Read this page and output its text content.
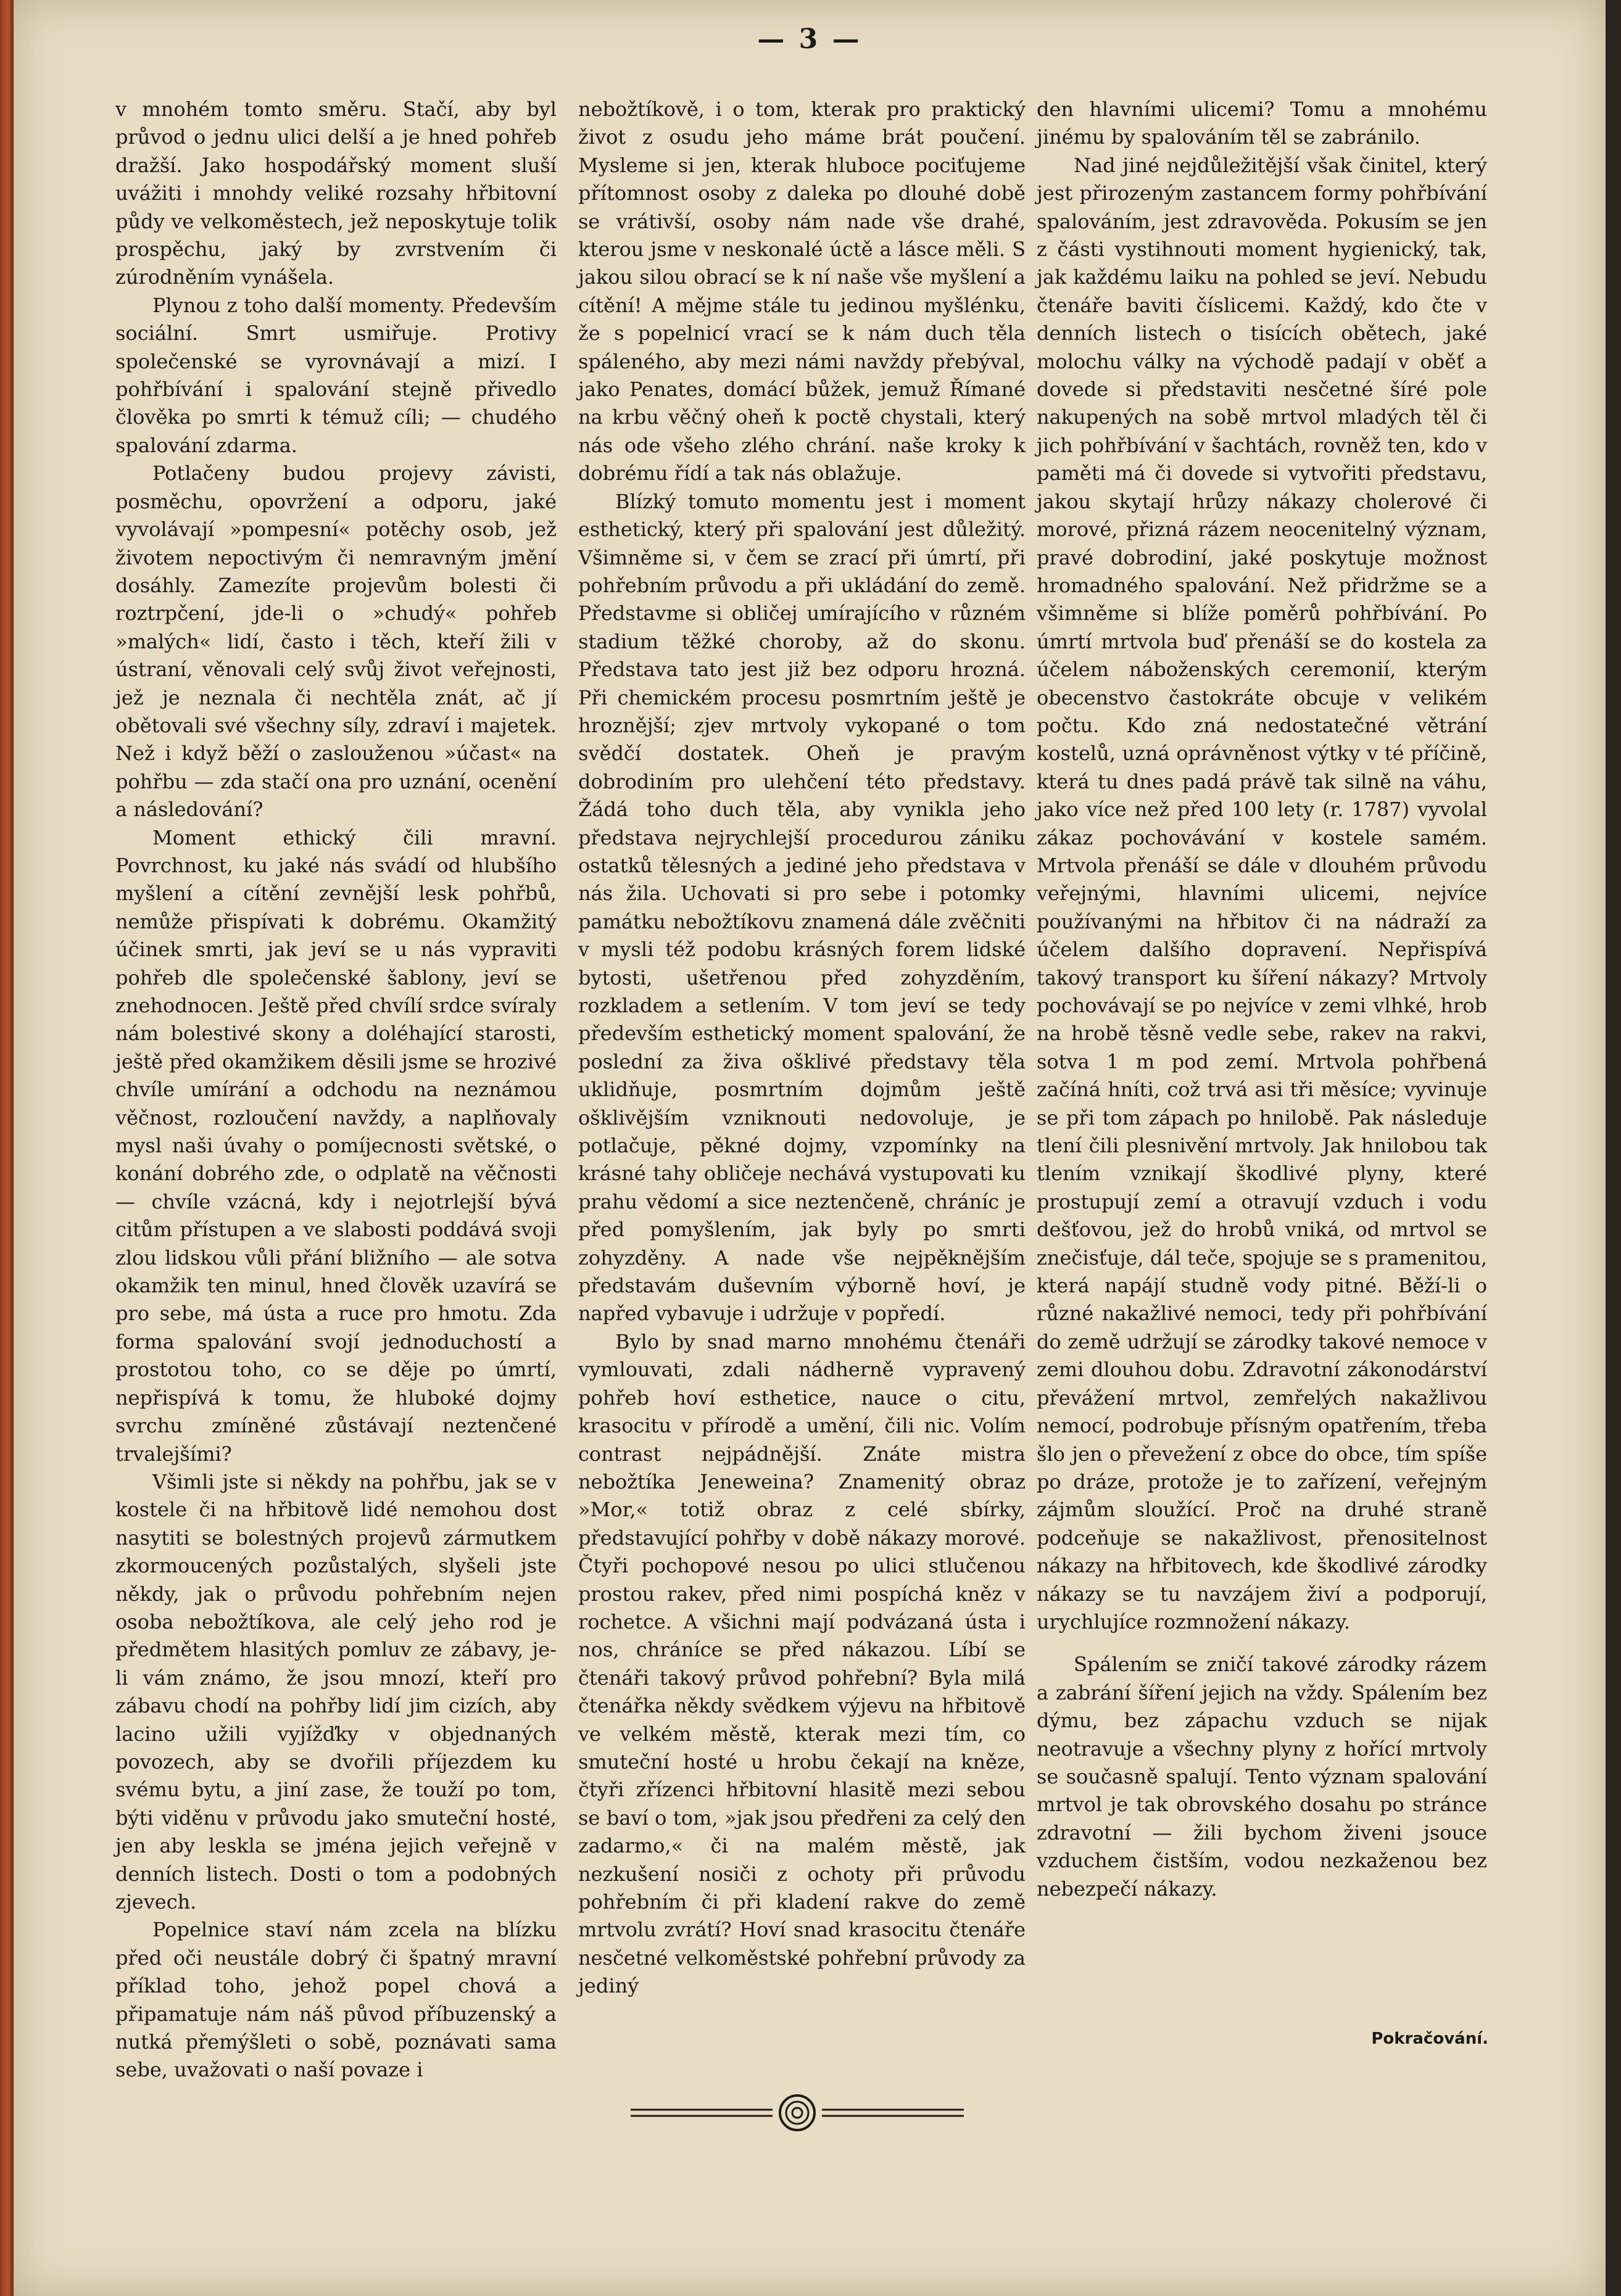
— 3 —

v mnohém tomto směru. Stačí, aby byl průvod o jednu ulici delší a je hned pohřeb dražší. Jako hospodářský moment sluší uvážiti i mnohdy veliké rozsahy hřbitovní půdy ve velkoměstech, jež neposkytuje tolik prospěchu, jaký by zvrstvením či zúrodněním vynášela.

Plynou z toho další momenty. Především sociální. Smrt usmiřuje. Protivy společenské se vyrovnávají a mizí. I pohřbívání i spalování stejně přivedlo člověka po smrti k témuž cíli; — chudého spalování zdarma.

Potlačeny budou projevy závisti, posměchu, opovržení a odporu, jaké vyvolávají »pompesní« potěchy osob, jež životem nepoctivým či nemravným jmění dosáhly. Zamezíte projevům bolesti či roztrpčení, jde-li o »chudý« pohřeb »malých« lidí, často i těch, kteří žili v ústraní, věnovali celý svůj život veřejnosti, jež je neznala či nechtěla znát, ač jí obětovali své všechny síly, zdraví i majetek. Než i když běží o zaslouženou »účast« na pohřbu — zda stačí ona pro uznání, ocenění a následování?

Moment ethický čili mravní. Povrchnost, ku jaké nás svádí od hlubšího myšlení a cítění zevnější lesk pohřbů, nemůže přispívati k dobrému. Okamžitý účinek smrti, jak jeví se u nás vypraviti pohřeb dle společenské šablony, jeví se znehodnocen. Ještě před chvílí srdce svíraly nám bolestivé skony a doléhající starosti, ještě před okamžikem děsili jsme se hrozivé chvíle umírání a odchodu na neznámou věčnost, rozloučení navždy, a naplňovaly mysl naši úvahy o pomíjecnosti světské, o konání dobrého zde, o odplatě na věčnosti — chvíle vzácná, kdy i nejotrlejší bývá citům přístupen a ve slabosti poddává svoji zlou lidskou vůli přání bližního — ale sotva okamžik ten minul, hned člověk uzavírá se pro sebe, má ústa a ruce pro hmotu. Zda forma spalování svojí jednoduchostí a prostotou toho, co se děje po úmrtí, nepřispívá k tomu, že hluboké dojmy svrchu zmíněné zůstávají neztenčené trvalejšími?

Všimli jste si někdy na pohřbu, jak se v kostele či na hřbitově lidé nemohou dost nasytiti se bolestných projevů zármutkem zkormoucených pozůstalých, slyšeli jste někdy, jak o průvodu pohřebním nejen osoba nebožtíkova, ale celý jeho rod je předmětem hlasitých pomluv ze zábavy, je-li vám známo, že jsou mnozí, kteří pro zábavu chodí na pohřby lidí jim cizích, aby lacino užili vyjížďky v objednaných povozech, aby se dvořili příjezdem ku svému bytu, a jiní zase, že touží po tom, býti viděnu v průvodu jako smuteční hosté, jen aby leskla se jména jejich veřejně v denních listech. Dosti o tom a podobných zjevech.

Popelnice staví nám zcela na blízku před oči neustále dobrý či špatný mravní příklad toho, jehož popel chová a připamatuje nám náš původ příbuzenský a nutká přemýšleti o sobě, poznávati sama sebe, uvažovati o naší povaze i

nebožtíkově, i o tom, kterak pro praktický život z osudu jeho máme brát poučení. Mysleme si jen, kterak hluboce pociťujeme přítomnost osoby z daleka po dlouhé době se vrátivší, osoby nám nade vše drahé, kterou jsme v neskonalé úctě a lásce měli. S jakou silou obrací se k ní naše vše myšlení a cítění! A mějme stále tu jedinou myšlénku, že s popelnicí vrací se k nám duch těla spáleného, aby mezi námi navždy přebýval, jako Penates, domácí bůžek, jemuž Římané na krbu věčný oheň k poctě chystali, který nás ode všeho zlého chrání. naše kroky k dobrému řídí a tak nás oblažuje.

Blízký tomuto momentu jest i moment esthetický, který při spalování jest důležitý. Všimněme si, v čem se zrací při úmrtí, při pohřebním průvodu a při ukládání do země. Představme si obličej umírajícího v různém stadium těžké choroby, až do skonu. Představa tato jest již bez odporu hrozná. Při chemickém procesu posmrtním ještě je hroznější; zjev mrtvoly vykopané o tom svědčí dostatek. Oheň je pravým dobrodiním pro ulehčení této představy. Žádá toho duch těla, aby vynikla jeho představa nejrychlejší procedurou zániku ostatků tělesných a jediné jeho představa v nás žila. Uchovati si pro sebe i potomky památku nebožtíkovu znamená dále zvěčniti v mysli též podobu krásných forem lidské bytosti, ušetřenou před zohyzděním, rozkladem a setlením. V tom jeví se tedy především esthetický moment spalování, že poslední za živa ošklivé představy těla uklidňuje, posmrtním dojmům ještě ošklivějším vzniknouti nedovoluje, je potlačuje, pěkné dojmy, vzpomínky na krásné tahy obličeje nechává vystupovati ku prahu vědomí a sice neztenčeně, chráníc je před pomyšlením, jak byly po smrti zohyzděny. A nade vše nejpěknějším představám duševním výborně hoví, je napřed vybavuje i udržuje v popředí.

Bylo by snad marno mnohému čtenáři vymlouvati, zdali nádherně vypravený pohřeb hoví esthetice, nauce o citu, krasocitu v přírodě a umění, čili nic. Volím contrast nejpádnější. Znáte mistra nebožtíka Jeneweina? Znamenitý obraz »Mor,« totiž obraz z celé sbírky, představující pohřby v době nákazy morové. Čtyři pochopové nesou po ulici stlučenou prostou rakev, před nimi pospíchá kněz v rochetce. A všichni mají podvázaná ústa i nos, chráníce se před nákazou. Líbí se čtenáři takový průvod pohřební? Byla milá čtenářka někdy svědkem výjevu na hřbitově ve velkém městě, kterak mezi tím, co smuteční hosté u hrobu čekají na kněze, čtyři zřízenci hřbitovní hlasitě mezi sebou se baví o tom, »jak jsou předřeni za celý den zadarmo,« či na malém městě, jak nezkušení nosiči z ochoty při průvodu pohřebním či při kladení rakve do země mrtvolu zvrátí? Hoví snad krasocitu čtenáře nesčetné velkoměstské pohřební průvody za jediný

den hlavními ulicemi? Tomu a mnohému jinému by spalováním těl se zabránilo.

Nad jiné nejdůležitější však činitel, který jest přirozeným zastancem formy pohřbívání spalováním, jest zdravověda. Pokusím se jen z části vystihnouti moment hygienický, tak, jak každému laiku na pohled se jeví. Nebudu čtenáře baviti číslicemi. Každý, kdo čte v denních listech o tisících obětech, jaké molochu války na východě padají v oběť a dovede si představiti nesčetné šíré pole nakupených na sobě mrtvol mladých těl či jich pohřbívání v šachtách, rovněž ten, kdo v paměti má či dovede si vytvořiti představu, jakou skytají hrůzy nákazy cholerové či morové, přizná rázem neocenitelný význam, pravé dobrodiní, jaké poskytuje možnost hromadného spalování. Než přidržme se a všimněme si blíže poměrů pohřbívání. Po úmrtí mrtvola buď přenáší se do kostela za účelem náboženských ceremonií, kterým obecenstvo častokráte obcuje v velikém počtu. Kdo zná nedostatečné větrání kostelů, uzná oprávněnost výtky v té příčině, která tu dnes padá právě tak silně na váhu, jako více než před 100 lety (r. 1787) vyvolal zákaz pochovávání v kostele samém. Mrtvola přenáší se dále v dlouhém průvodu veřejnými, hlavními ulicemi, nejvíce používanými na hřbitov či na nádraží za účelem dalšího dopravení. Nepřispívá takový transport ku šíření nákazy? Mrtvoly pochovávají se po nejvíce v zemi vlhké, hrob na hrobě těsně vedle sebe, rakev na rakvi, sotva 1 m pod zemí. Mrtvola pohřbená začíná hníti, což trvá asi tři měsíce; vyvinuje se při tom zápach po hnilobě. Pak následuje tlení čili plesnivění mrtvoly. Jak hnilobou tak tlením vznikají škodlivé plyny, které prostupují zemí a otravují vzduch i vodu dešťovou, jež do hrobů vniká, od mrtvol se znečisťuje, dál teče, spojuje se s pramenitou, která napájí studně vody pitné. Běží-li o různé nakažlivé nemoci, tedy při pohřbívání do země udržují se zárodky takové nemoce v zemi dlouhou dobu. Zdravotní zákonodárství převážení mrtvol, zemřelých nakažlivou nemocí, podrobuje přísným opatřením, třeba šlo jen o převežení z obce do obce, tím spíše po dráze, protože je to zařízení, veřejným zájmům sloužící. Proč na druhé straně podceňuje se nakažlivost, přenositelnost nákazy na hřbitovech, kde škodlivé zárodky nákazy se tu navzájem živí a podporují, urychlujíce rozmnožení nákazy.

Spálením se zničí takové zárodky rázem a zabrání šíření jejich na vždy. Spálením bez dýmu, bez zápachu vzduch se nijak neotravuje a všechny plyny z hořící mrtvoly se současně spalují. Tento význam spalování mrtvol je tak obrovského dosahu po stránce zdravotní — žili bychom živeni jsouce vzduchem čistším, vodou nezkaženou bez nebezpečí nákazy.

Pokračování.
